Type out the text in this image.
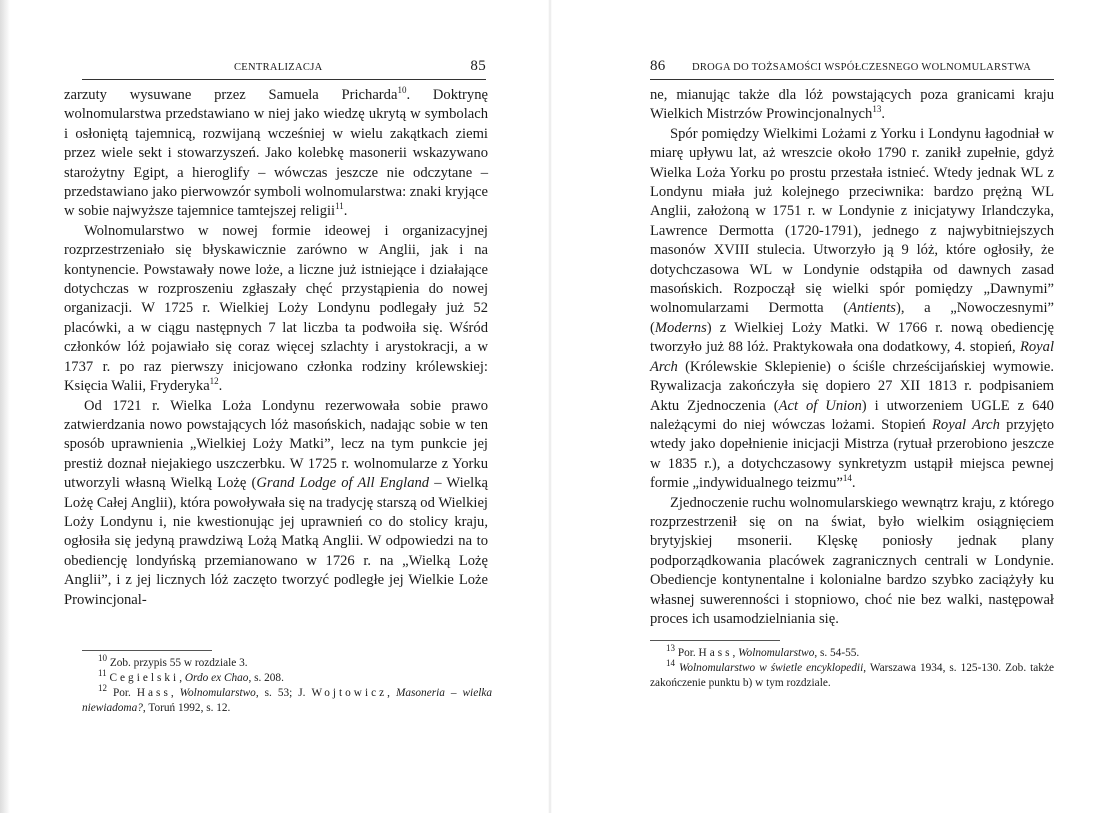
CENTRALIZACJA	85

zarzuty wysuwane przez Samuela Pricharda$^{10}$. Doktrynę wolnomularstwa przedstawiano w niej jako wiedzę ukrytą w symbolach i osłoniętą tajemnicą, rozwijaną wcześniej w wielu zakątkach ziemi przez wiele sekt i stowarzyszeń. Jako kolebkę masonerii wskazywano starożytny Egipt, a hieroglify – wówczas jeszcze nie odczytane – przedstawiano jako pierwowzór symboli wolnomularstwa: znaki kryjące w sobie najwyższe tajemnice tamtejszej religii$^{11}$.

Wolnomularstwo w nowej formie ideowej i organizacyjnej rozprzestrzeniało się błyskawicznie zarówno w Anglii, jak i na kontynencie. Powstawały nowe loże, a liczne już istniejące i działające dotychczas w rozproszeniu zgłaszały chęć przystąpienia do nowej organizacji. W 1725 r. Wielkiej Loży Londynu podlegały już 52 placówki, a w ciągu następnych 7 lat liczba ta podwoiła się. Wśród członków lóż pojawiało się coraz więcej szlachty i arystokracji, a w 1737 r. po raz pierwszy inicjowano członka rodziny królewskiej: Księcia Walii, Fryderyka$^{12}$.

Od 1721 r. Wielka Loża Londynu rezerwowała sobie prawo zatwierdzania nowo powstających lóż masońskich, nadając sobie w ten sposób uprawnienia „Wielkiej Loży Matki”, lecz na tym punkcie jej prestiż doznał niejakiego uszczerbku. W 1725 r. wolnomularze z Yorku utworzyli własną Wielką Lożę (Grand Lodge of All England – Wielką Lożę Całej Anglii), która powoływała się na tradycję starszą od Wielkiej Loży Londynu i, nie kwestionując jej uprawnień co do stolicy kraju, ogłosiła się jedyną prawdziwą Lożą Matką Anglii. W odpowiedzi na to obediencję londyńską przemianowano w 1726 r. na „Wielką Lożę Anglii”, i z jej licznych lóż zaczęto tworzyć podległe jej Wielkie Loże Prowincjonal-

$^{10}$ Zob. przypis 55 w rozdziale 3.

$^{11}$ Cegielski, Ordo ex Chao, s. 208.

$^{12}$ Por. Hass, Wolnomularstwo, s. 53; J. Wojtowicz, Masoneria – wielka niewiadoma?, Toruń 1992, s. 12.

86	DROGA DO TOŻSAMOŚCI WSPÓŁCZESNEGO WOLNOMULARSTWA

ne, mianując także dla lóż powstających poza granicami kraju Wielkich Mistrzów Prowincjonalnych$^{13}$.

Spór pomiędzy Wielkimi Lożami z Yorku i Londynu łagodniał w miarę upływu lat, aż wreszcie około 1790 r. zanikł zupełnie, gdyż Wielka Loża Yorku po prostu przestała istnieć. Wtedy jednak WL z Londynu miała już kolejnego przeciwnika: bardzo prężną WL Anglii, założoną w 1751 r. w Londynie z inicjatywy Irlandczyka, Lawrence Dermotta (1720-1791), jednego z najwybitniejszych masonów XVIII stulecia. Utworzyło ją 9 lóż, które ogłosiły, że dotychczasowa WL w Londynie odstąpiła od dawnych zasad masońskich. Rozpoczął się wielki spór pomiędzy „Dawnymi” wolnomularzami Dermotta (Antients), a „Nowoczesnymi” (Moderns) z Wielkiej Loży Matki. W 1766 r. nową obediencję tworzyło już 88 lóż. Praktykowała ona dodatkowy, 4. stopień, Royal Arch (Królewskie Sklepienie) o ściśle chrześcijańskiej wymowie. Rywalizacja zakończyła się dopiero 27 XII 1813 r. podpisaniem Aktu Zjednoczenia (Act of Union) i utworzeniem UGLE z 640 należącymi do niej wówczas lożami. Stopień Royal Arch przyjęto wtedy jako dopełnienie inicjacji Mistrza (rytuał przerobiono jeszcze w 1835 r.), a dotychczasowy synkretyzm ustąpił miejsca pewnej formie „indywidualnego teizmu”$^{14}$.

Zjednoczenie ruchu wolnomularskiego wewnątrz kraju, z którego rozprzestrzenił się on na świat, było wielkim osiągnięciem brytyjskiej msonerii. Klęskę poniosły jednak plany podporządkowania placówek zagranicznych centrali w Londynie. Obediencje kontynentalne i kolonialne bardzo szybko zaciążyły ku własnej suwerenności i stopniowo, choć nie bez walki, następował proces ich usamodzielniania się.

$^{13}$ Por. Hass, Wolnomularstwo, s. 54-55.

$^{14}$ Wolnomularstwo w świetle encyklopedii, Warszawa 1934, s. 125-130. Zob. także zakończenie punktu b) w tym rozdziale.
